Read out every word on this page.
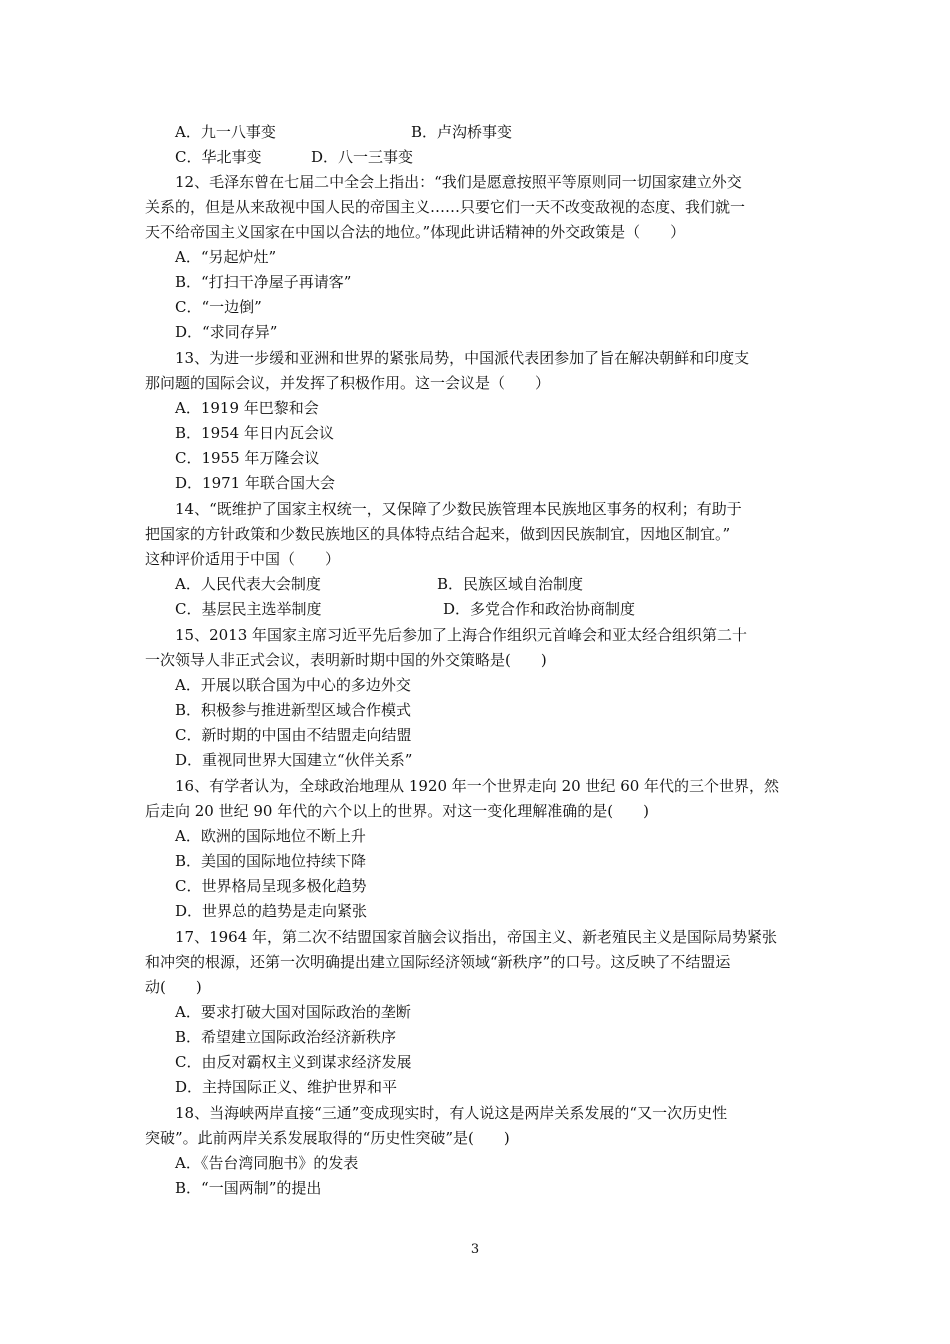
A．九一八事变	B．卢沟桥事变
C．华北事变	D．八一三事变
12、毛泽东曾在七届二中全会上指出：“我们是愿意按照平等原则同一切国家建立外交
关系的，但是从来敌视中国人民的帝国主义……只要它们一天不改变敌视的态度、我们就一
天不给帝国主义国家在中国以合法的地位。”体现此讲话精神的外交政策是（　　）
A．“另起炉灶”
B．“打扫干净屋子再请客”
C．“一边倒”
D．“求同存异”
13、为进一步缓和亚洲和世界的紧张局势，中国派代表团参加了旨在解决朝鲜和印度支
那问题的国际会议，并发挥了积极作用。这一会议是（　　）
A．1919 年巴黎和会
B．1954 年日内瓦会议
C．1955 年万隆会议
D．1971 年联合国大会
14、“既维护了国家主权统一，又保障了少数民族管理本民族地区事务的权利；有助于
把国家的方针政策和少数民族地区的具体特点结合起来，做到因民族制宜，因地区制宜。”
这种评价适用于中国（　　）
A．人民代表大会制度	B．民族区域自治制度
C．基层民主选举制度	D．多党合作和政治协商制度
15、2013 年国家主席习近平先后参加了上海合作组织元首峰会和亚太经合组织第二十
一次领导人非正式会议，表明新时期中国的外交策略是(　　)
A．开展以联合国为中心的多边外交
B．积极参与推进新型区域合作模式
C．新时期的中国由不结盟走向结盟
D．重视同世界大国建立“伙伴关系”
16、有学者认为，全球政治地理从 1920 年一个世界走向 20 世纪 60 年代的三个世界，然
后走向 20 世纪 90 年代的六个以上的世界。对这一变化理解准确的是(　　)
A．欧洲的国际地位不断上升
B．美国的国际地位持续下降
C．世界格局呈现多极化趋势
D．世界总的趋势是走向紧张
17、1964 年，第二次不结盟国家首脑会议指出，帝国主义、新老殖民主义是国际局势紧张
和冲突的根源，还第一次明确提出建立国际经济领域“新秩序”的口号。这反映了不结盟运
动(　　)
A．要求打破大国对国际政治的垄断
B．希望建立国际政治经济新秩序
C．由反对霸权主义到谋求经济发展
D．主持国际正义、维护世界和平
18、当海峡两岸直接“三通”变成现实时，有人说这是两岸关系发展的“又一次历史性
突破”。此前两岸关系发展取得的“历史性突破”是(　　)
A．《告台湾同胞书》的发表
B．“一国两制”的提出
3
